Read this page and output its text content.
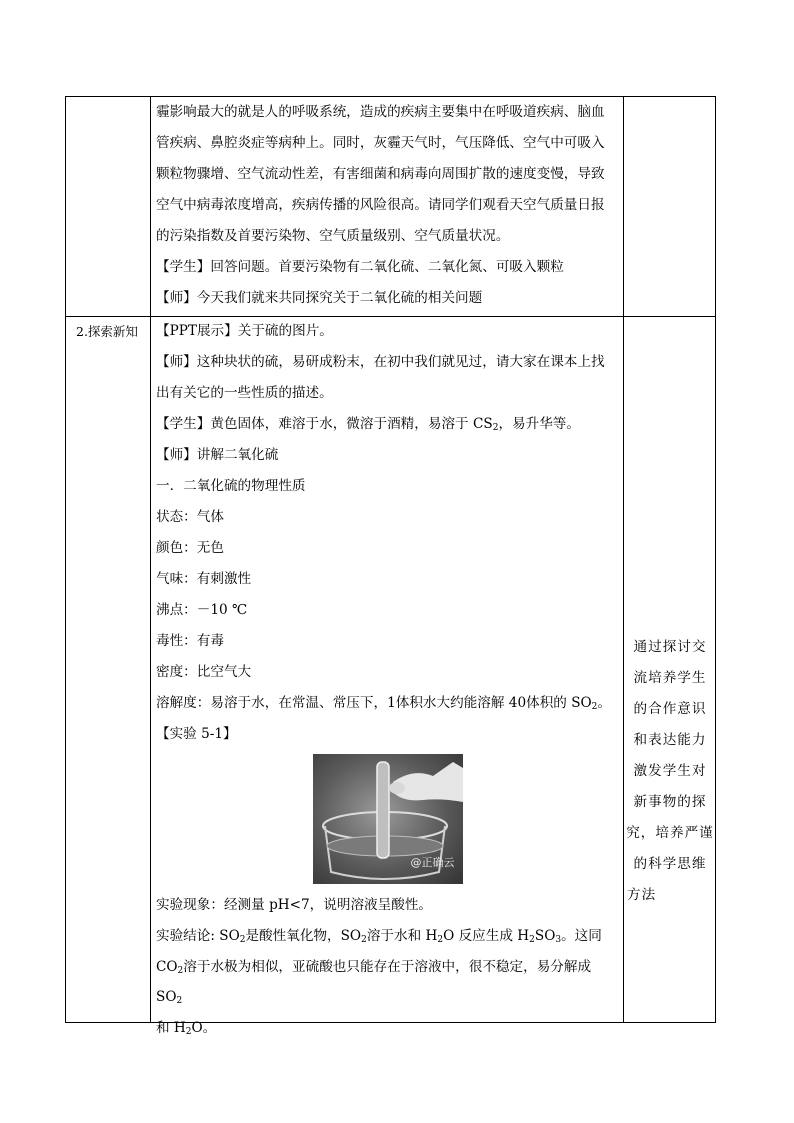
霾影响最大的就是人的呼吸系统，造成的疾病主要集中在呼吸道疾病、脑血
管疾病、鼻腔炎症等病种上。同时，灰霾天气时，气压降低、空气中可吸入
颗粒物骤增、空气流动性差，有害细菌和病毒向周围扩散的速度变慢，导致
空气中病毒浓度增高，疾病传播的风险很高。请同学们观看天空气质量日报
的污染指数及首要污染物、空气质量级别、空气质量状况。
【学生】回答问题。首要污染物有二氧化硫、二氧化氮、可吸入颗粒
【师】今天我们就来共同探究关于二氧化硫的相关问题
2.探索新知	【PPT展示】关于硫的图片。
【师】这种块状的硫，易研成粉末，在初中我们就见过，请大家在课本上找
出有关它的一些性质的描述。
【学生】黄色固体，难溶于水，微溶于酒精，易溶于 $CS_2$，易升华等。
【师】讲解二氧化硫
一．二氧化硫的物理性质
状态：气体
颜色：无色
气味：有刺激性
沸点：－10 ℃
毒性：有毒
密度：比空气大
溶解度：易溶于水，在常温、常压下，1体积水大约能溶解 40体积的 $SO_2$。
【实验 5-1】
@正确云
实验现象：经测量 pH<7，说明溶液呈酸性。
实验结论: $SO_2$是酸性氧化物，$SO_2$溶于水和 $H_2O$ 反应生成 $H_2SO_3$。这同 $CO_2$溶于水极为相似，亚硫酸也只能存在于溶液中，很不稳定，易分解成 $SO_2$
和 $H_2O$。
通过探讨交
流培养学生
的合作意识
和表达能力
激发学生对
新事物的探
究，培养严谨
的科学思维
方法
